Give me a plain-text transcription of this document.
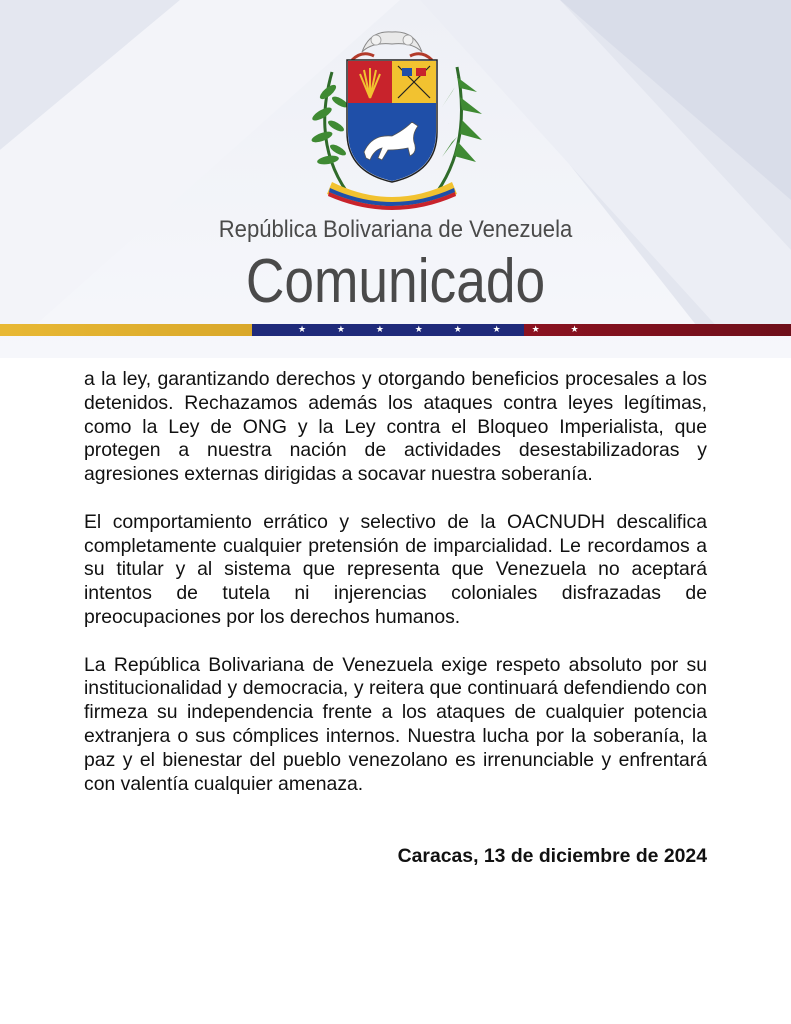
República Bolivariana de Venezuela
Comunicado
★ ★ ★ ★ ★ ★ ★ ★

a la ley, garantizando derechos y otorgando beneficios procesales a los detenidos. Rechazamos además los ataques contra leyes legítimas, como la Ley de ONG y la Ley contra el Bloqueo Imperialista, que protegen a nuestra nación de actividades desestabilizadoras y agresiones externas dirigidas a socavar nuestra soberanía.

El comportamiento errático y selectivo de la OACNUDH descalifica completamente cualquier pretensión de imparcialidad. Le recordamos a su titular y al sistema que representa que Venezuela no aceptará intentos de tutela ni injerencias coloniales disfrazadas de preocupaciones por los derechos humanos.

La República Bolivariana de Venezuela exige respeto absoluto por su institucionalidad y democracia, y reitera que continuará defendiendo con firmeza su independencia frente a los ataques de cualquier potencia extranjera o sus cómplices internos. Nuestra lucha por la soberanía, la paz y el bienestar del pueblo venezolano es irrenunciable y enfrentará con valentía cualquier amenaza.

Caracas, 13 de diciembre de 2024
